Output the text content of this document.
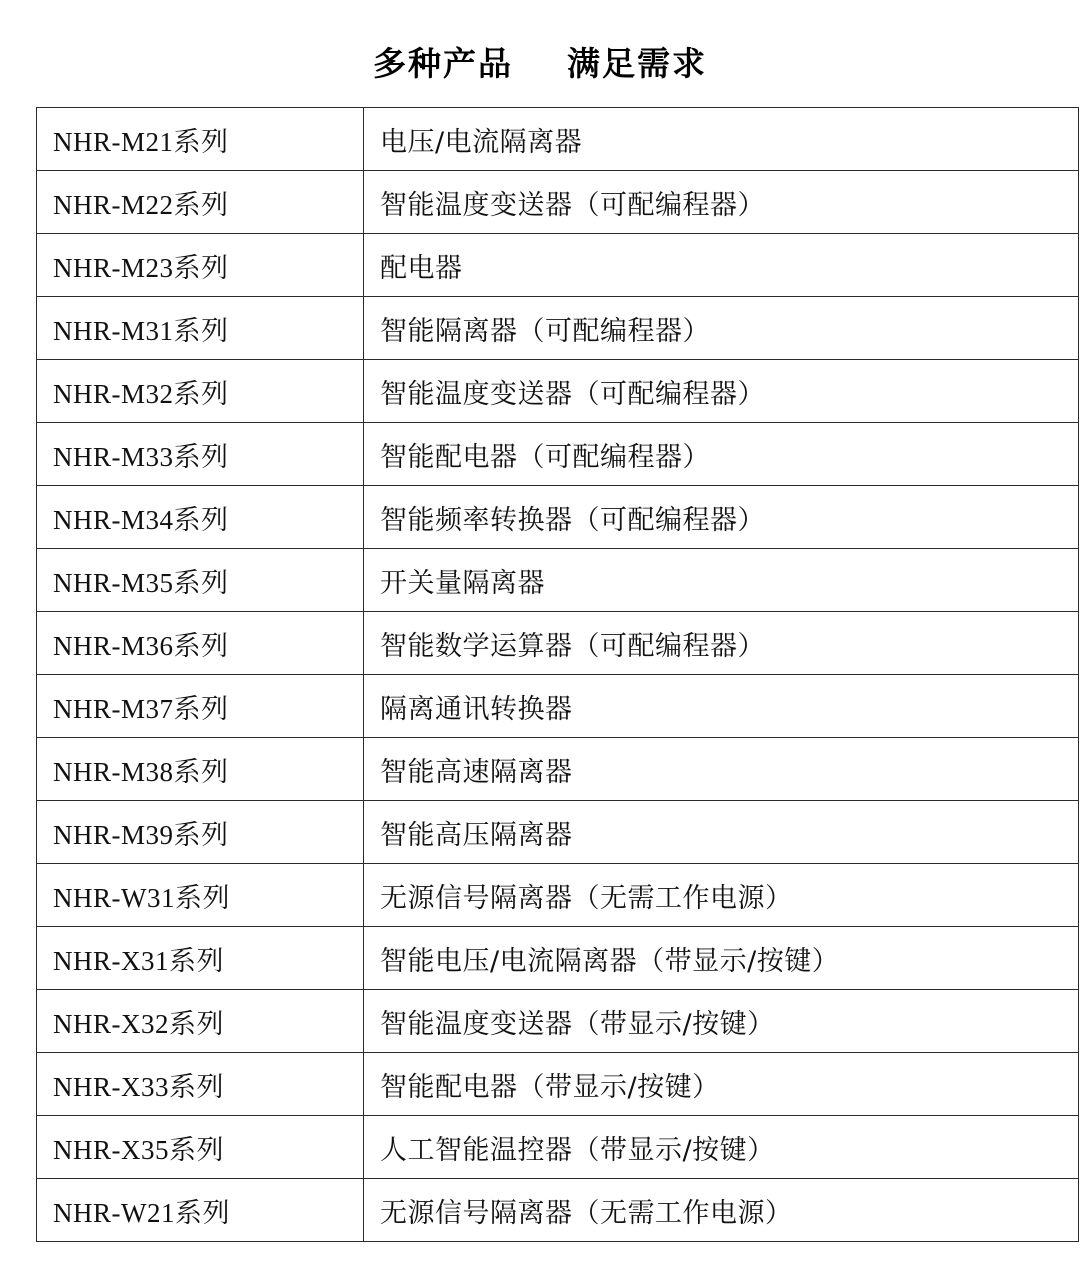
多种产品    满足需求
NHR-M21系列	电压/电流隔离器
NHR-M22系列	智能温度变送器（可配编程器）
NHR-M23系列	配电器
NHR-M31系列	智能隔离器（可配编程器）
NHR-M32系列	智能温度变送器（可配编程器）
NHR-M33系列	智能配电器（可配编程器）
NHR-M34系列	智能频率转换器（可配编程器）
NHR-M35系列	开关量隔离器
NHR-M36系列	智能数学运算器（可配编程器）
NHR-M37系列	隔离通讯转换器
NHR-M38系列	智能高速隔离器
NHR-M39系列	智能高压隔离器
NHR-W31系列	无源信号隔离器（无需工作电源）
NHR-X31系列	智能电压/电流隔离器（带显示/按键）
NHR-X32系列	智能温度变送器（带显示/按键）
NHR-X33系列	智能配电器（带显示/按键）
NHR-X35系列	人工智能温控器（带显示/按键）
NHR-W21系列	无源信号隔离器（无需工作电源）
